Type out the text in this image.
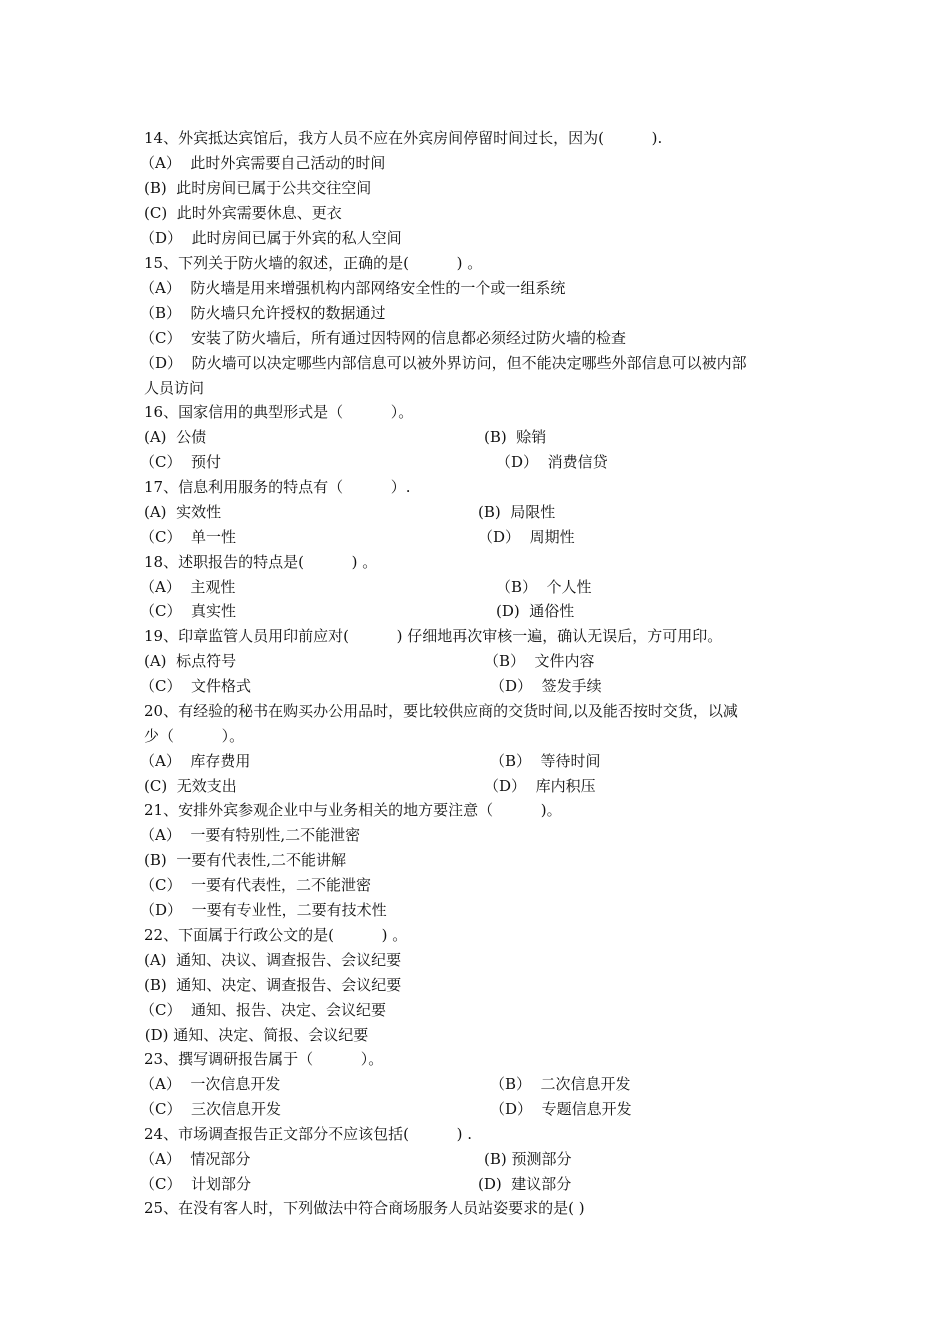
14、外宾抵达宾馆后，我方人员不应在外宾房间停留时间过长，因为(          ).
（A）  此时外宾需要自己活动的时间
(B)  此时房间已属于公共交往空间
(C)  此时外宾需要休息、更衣
（D）  此时房间已属于外宾的私人空间
15、下列关于防火墙的叙述，正确的是(          ) 。
（A）  防火墙是用来增强机构内部网络安全性的一个或一组系统
（B）  防火墙只允许授权的数据通过
（C）  安装了防火墙后，所有通过因特网的信息都必须经过防火墙的检查
（D）  防火墙可以决定哪些内部信息可以被外界访问，但不能决定哪些外部信息可以被内部
人员访问
16、国家信用的典型形式是（          ）。
(A)  公债	(B)  赊销
（C）  预付	（D）  消费信贷
17、信息利用服务的特点有（          ）.
(A)  实效性	(B)  局限性
（C）  单一性	（D）  周期性
18、述职报告的特点是(          ) 。
（A）  主观性	（B）  个人性
（C）  真实性	(D)  通俗性
19、印章监管人员用印前应对(          ) 仔细地再次审核一遍，确认无误后，方可用印。
(A)  标点符号	（B）  文件内容
（C）  文件格式	（D）  签发手续
20、有经验的秘书在购买办公用品时，要比较供应商的交货时间,以及能否按时交货，以减
少（          ）。
（A）  库存费用	（B）  等待时间
(C)  无效支出	（D）  库内积压
21、安排外宾参观企业中与业务相关的地方要注意（          )。
（A）  一要有特别性,二不能泄密
(B)  一要有代表性,二不能讲解
（C）  一要有代表性，二不能泄密
（D）  一要有专业性，二要有技术性
22、下面属于行政公文的是(          ) 。
(A)  通知、决议、调查报告、会议纪要
(B)  通知、决定、调查报告、会议纪要
（C）  通知、报告、决定、会议纪要
(D) 通知、决定、简报、会议纪要
23、撰写调研报告属于（          ）。
（A）  一次信息开发	（B）  二次信息开发
（C）  三次信息开发	（D）  专题信息开发
24、市场调查报告正文部分不应该包括(          ) .
（A）  情况部分	(B) 预测部分
（C）  计划部分	(D)  建议部分
25、在没有客人时，下列做法中符合商场服务人员站姿要求的是( )
